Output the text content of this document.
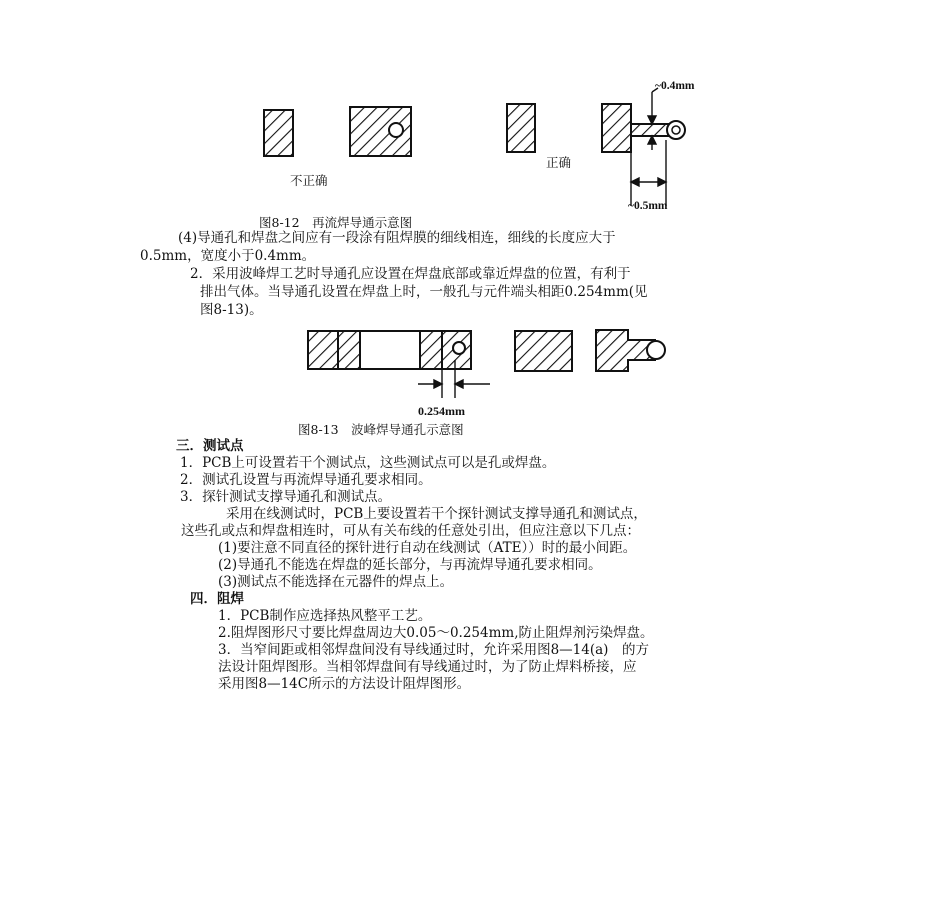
~0.4mm
正确
不正确
~0.5mm
图8-12　再流焊导通示意图
(4)导通孔和焊盘之间应有一段涂有阻焊膜的细线相连，细线的长度应大于
0.5mm，宽度小于0.4mm。
2．采用波峰焊工艺时导通孔应设置在焊盘底部或靠近焊盘的位置，有利于
排出气体。当导通孔设置在焊盘上时，一般孔与元件端头相距0.254mm(见
图8-13)。
0.254mm
图8-13　波峰焊导通孔示意图
三．测试点
1．PCB上可设置若干个测试点，这些测试点可以是孔或焊盘。
2．测试孔设置与再流焊导通孔要求相同。
3．探针测试支撑导通孔和测试点。
采用在线测试时，PCB上要设置若干个探针测试支撑导通孔和测试点，
这些孔或点和焊盘相连时，可从有关布线的任意处引出，但应注意以下几点：
(1)要注意不同直径的探针进行自动在线测试（ATE））时的最小间距。
(2)导通孔不能选在焊盘的延长部分，与再流焊导通孔要求相同。
(3)测试点不能选择在元器件的焊点上。
四．阻焊
1．PCB制作应选择热风整平工艺。
2.阻焊图形尺寸要比焊盘周边大0.05～0.254mm,防止阻焊剂污染焊盘。
3．当窄间距或相邻焊盘间没有导线通过时，允许采用图8—14(a)　的方
法设计阻焊图形。当相邻焊盘间有导线通过时，为了防止焊料桥接，应
采用图8—14C所示的方法设计阻焊图形。
